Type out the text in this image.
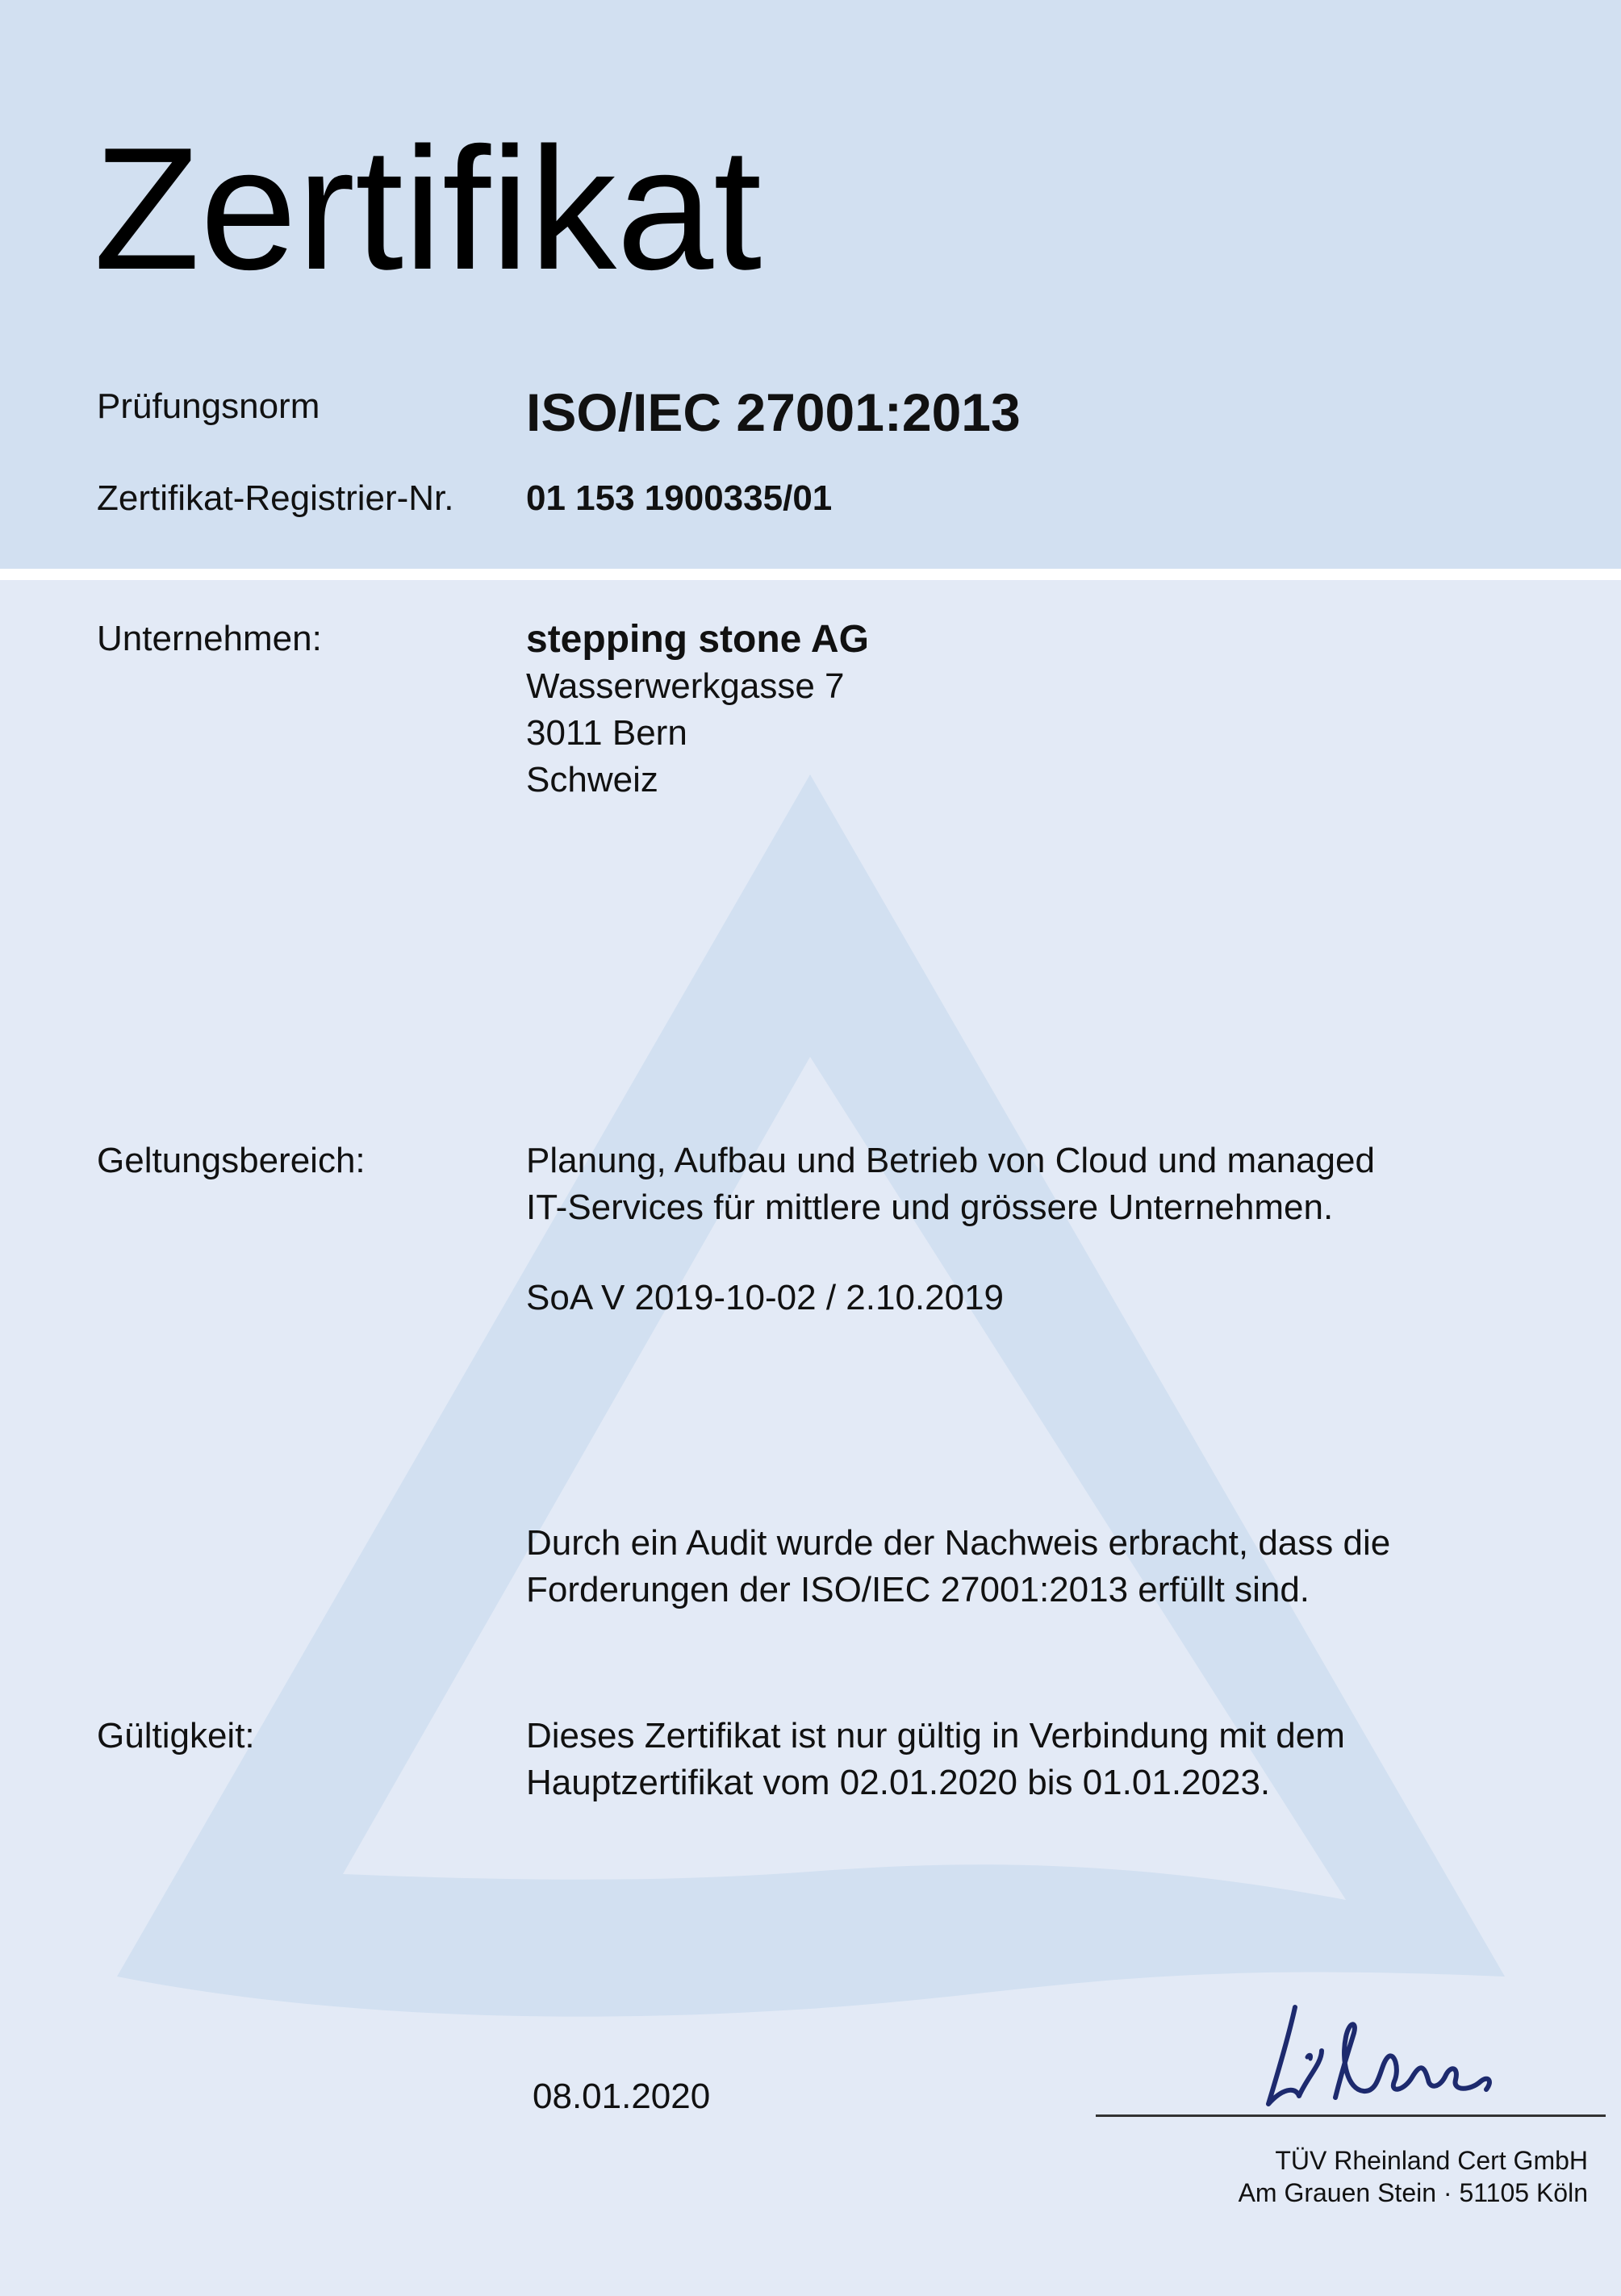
Zertifikat
Prüfungsnorm	ISO/IEC 27001:2013
Zertifikat-Registrier-Nr. 01 153 1900335/01
Unternehmen:	stepping stone AG
Wasserwerkgasse 7
3011 Bern
Schweiz
Geltungsbereich:	Planung, Aufbau und Betrieb von Cloud und managed
IT-Services für mittlere und grössere Unternehmen.
SoA V 2019-10-02 / 2.10.2019
Durch ein Audit wurde der Nachweis erbracht, dass die
Forderungen der ISO/IEC 27001:2013 erfüllt sind.
Gültigkeit:	Dieses Zertifikat ist nur gültig in Verbindung mit dem
Hauptzertifikat vom 02.01.2020 bis 01.01.2023.
08.01.2020
TÜV Rheinland Cert GmbH
Am Grauen Stein · 51105 Köln
